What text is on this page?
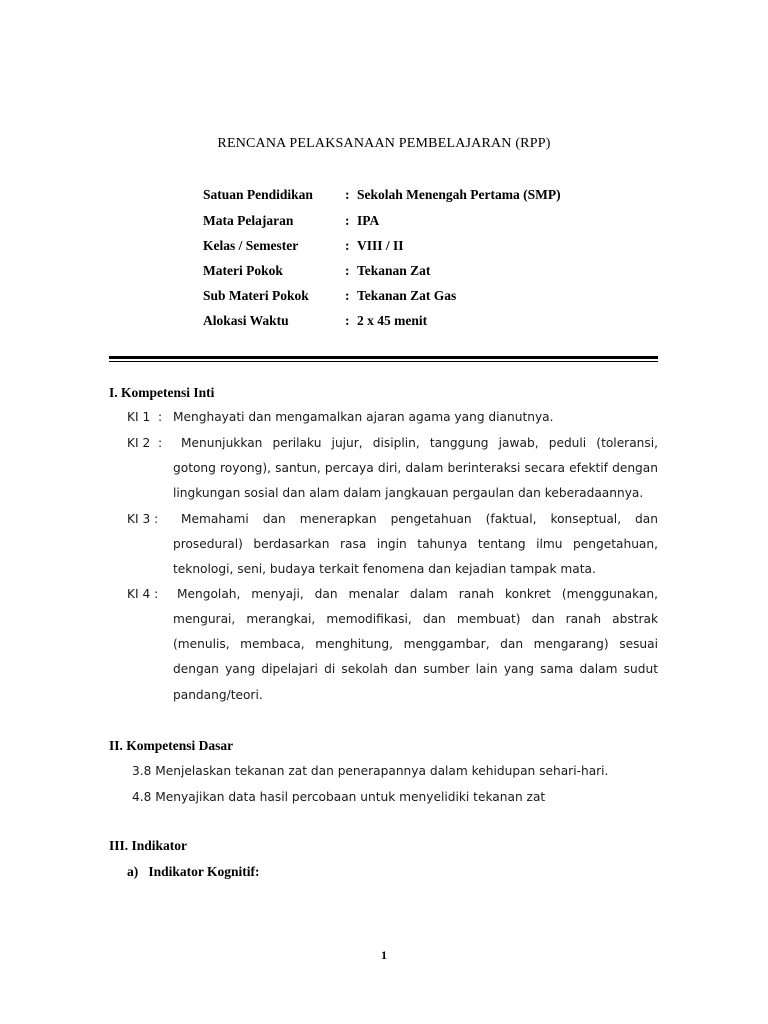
RENCANA PELAKSANAAN PEMBELAJARAN (RPP)
Satuan Pendidikan	: Sekolah Menengah Pertama (SMP)
Mata Pelajaran	: IPA
Kelas / Semester	: VIII / II
Materi Pokok	: Tekanan Zat
Sub Materi Pokok	: Tekanan Zat Gas
Alokasi Waktu	: 2 x 45 menit
I. Kompetensi Inti
KI 1  : Menghayati dan mengamalkan ajaran agama yang dianutnya.
KI 2  : Menunjukkan perilaku jujur, disiplin, tanggung jawab, peduli (toleransi,
gotong royong), santun, percaya diri, dalam berinteraksi secara efektif dengan
lingkungan sosial dan alam dalam jangkauan pergaulan dan keberadaannya.
KI 3 : Memahami dan menerapkan pengetahuan (faktual, konseptual, dan
prosedural) berdasarkan rasa ingin tahunya tentang ilmu pengetahuan,
teknologi, seni, budaya terkait fenomena dan kejadian tampak mata.
KI 4 : Mengolah, menyaji, dan menalar dalam ranah konkret (menggunakan,
mengurai, merangkai, memodifikasi, dan membuat) dan ranah abstrak
(menulis, membaca, menghitung, menggambar, dan mengarang) sesuai
dengan yang dipelajari di sekolah dan sumber lain yang sama dalam sudut
pandang/teori.
II. Kompetensi Dasar
3.8 Menjelaskan tekanan zat dan penerapannya dalam kehidupan sehari-hari.
4.8 Menyajikan data hasil percobaan untuk menyelidiki tekanan zat
III. Indikator
a)   Indikator Kognitif:
1
